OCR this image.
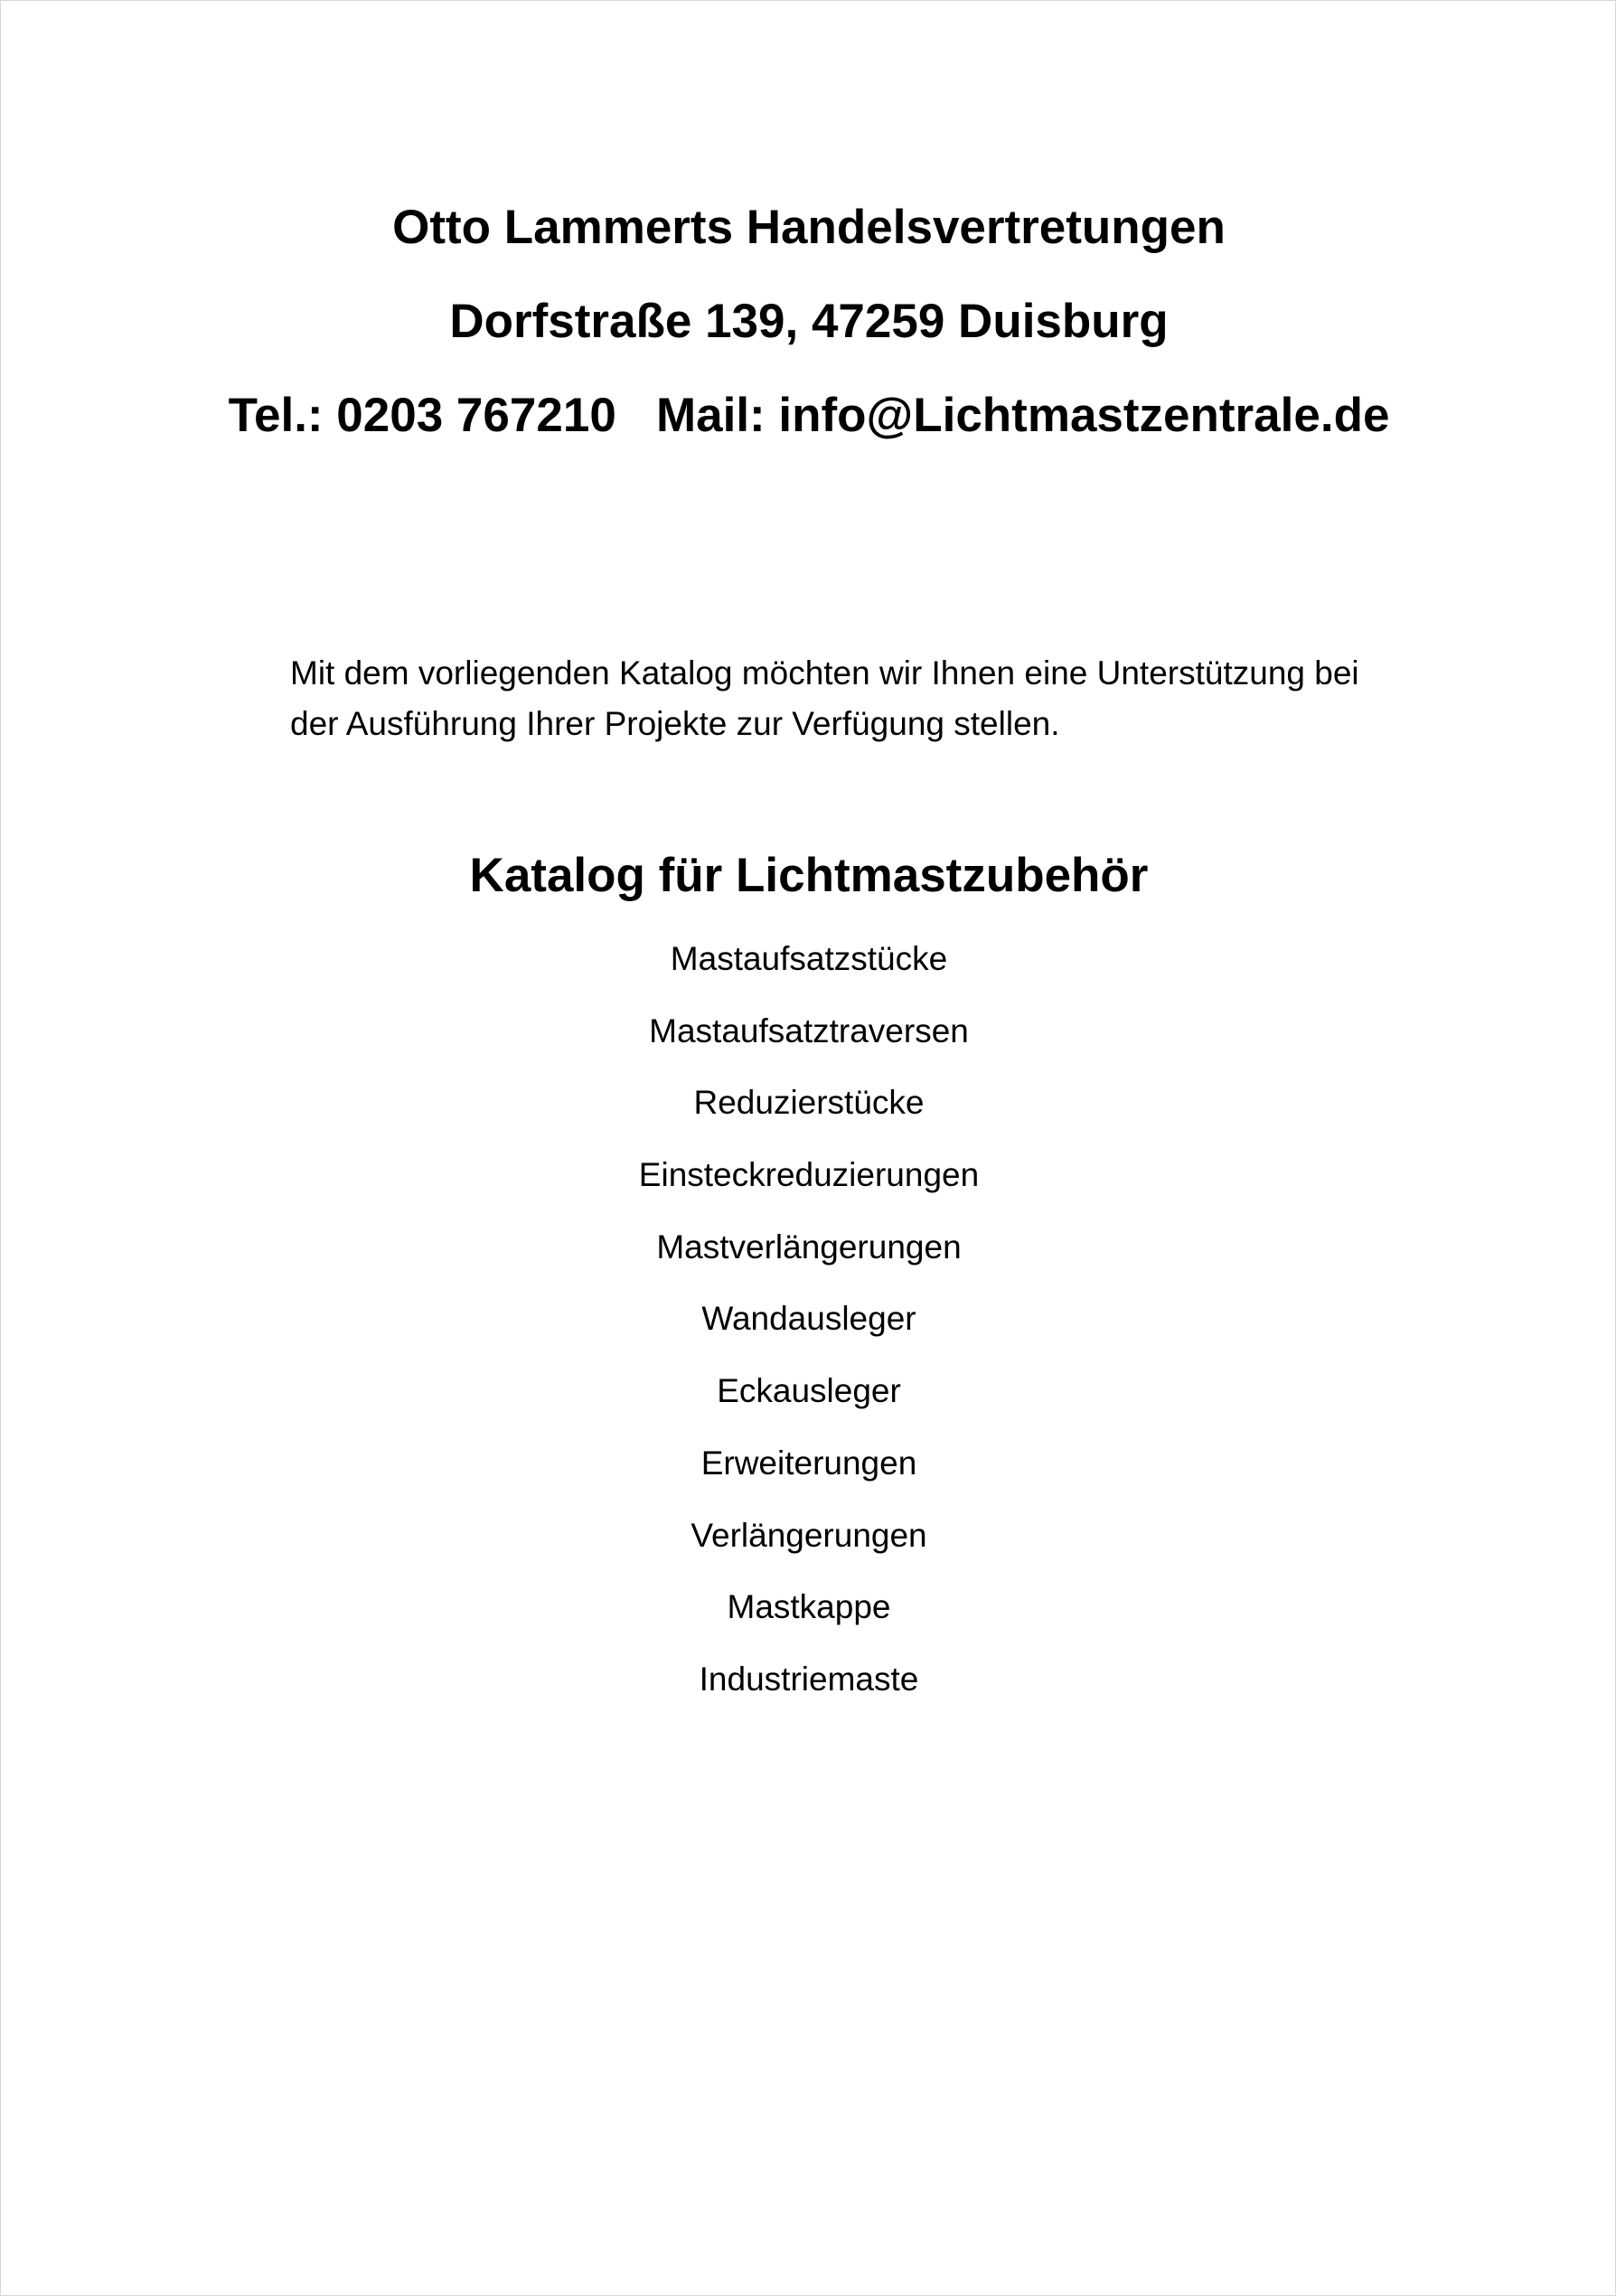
Otto Lammerts Handelsvertretungen
Dorfstraße 139, 47259 Duisburg
Tel.: 0203 767210   Mail: info@Lichtmastzentrale.de
Mit dem vorliegenden Katalog möchten wir Ihnen eine Unterstützung bei
der Ausführung Ihrer Projekte zur Verfügung stellen.
Katalog für Lichtmastzubehör
Mastaufsatzstücke
Mastaufsatztraversen
Reduzierstücke
Einsteckreduzierungen
Mastverlängerungen
Wandausleger
Eckausleger
Erweiterungen
Verlängerungen
Mastkappe
Industriemaste
